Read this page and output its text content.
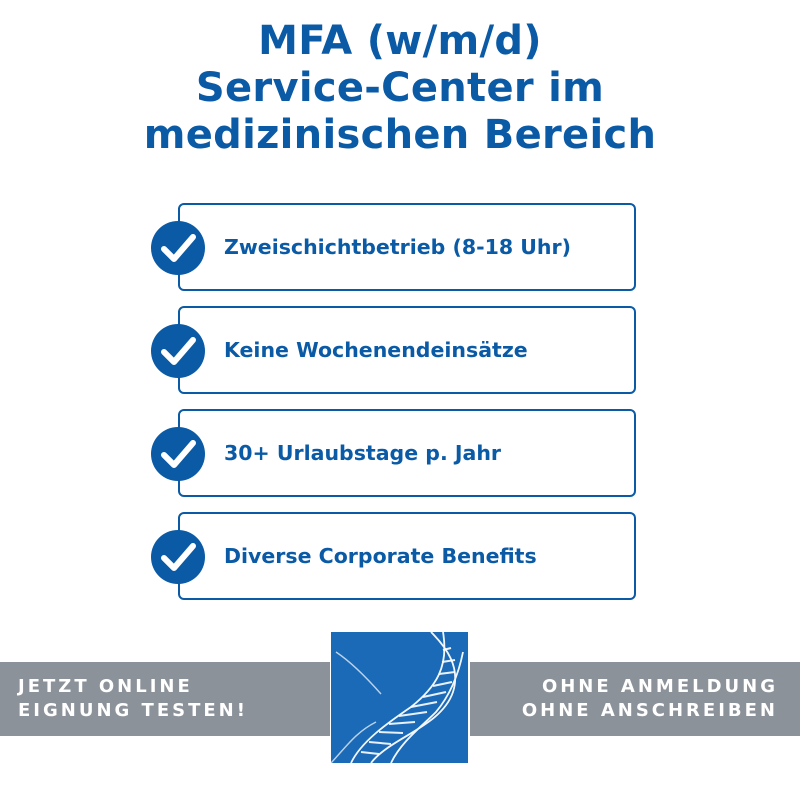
MFA (w/m/d)
Service-Center im
medizinischen Bereich
Zweischichtbetrieb (8-18 Uhr)
Keine Wochenendeinsätze
30+ Urlaubstage p. Jahr
Diverse Corporate Benefits
JETZT ONLINE
EIGNUNG TESTEN!
OHNE ANMELDUNG
OHNE ANSCHREIBEN
